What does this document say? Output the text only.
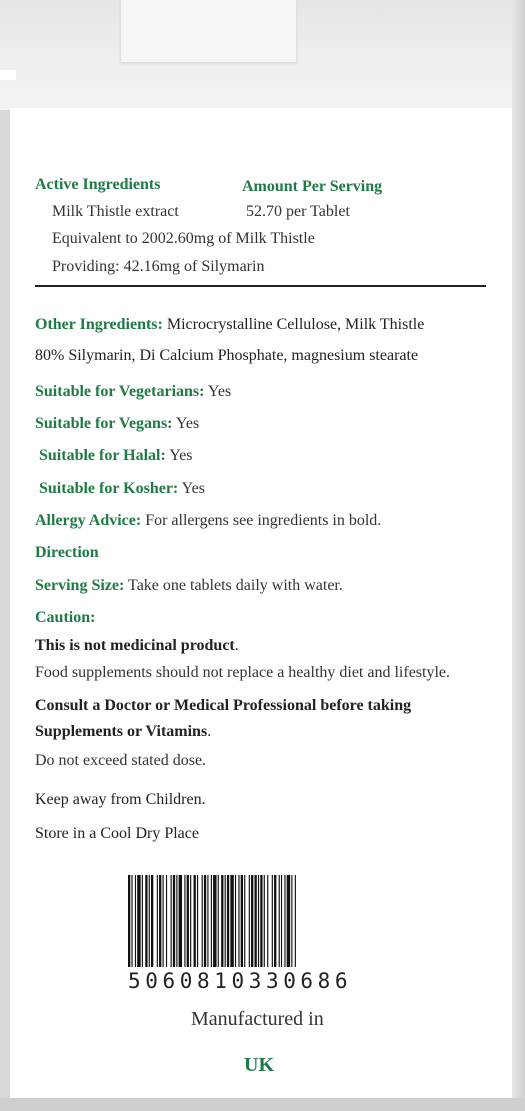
Active Ingredients	Amount Per Serving
Milk Thistle extract	52.70 per Tablet
Equivalent to 2002.60mg of Milk Thistle
Providing: 42.16mg of Silymarin
Other Ingredients: Microcrystalline Cellulose, Milk Thistle
80% Silymarin, Di Calcium Phosphate, magnesium stearate
Suitable for Vegetarians: Yes
Suitable for Vegans: Yes
Suitable for Halal: Yes
Suitable for Kosher: Yes
Allergy Advice: For allergens see ingredients in bold.
Direction
Serving Size: Take one tablets daily with water.
Caution:
This is not medicinal product.
Food supplements should not replace a healthy diet and lifestyle.
Consult a Doctor or Medical Professional before taking
Supplements or Vitamins.
Do not exceed stated dose.
Keep away from Children.
Store in a Cool Dry Place
5060810330686
Manufactured in
UK
